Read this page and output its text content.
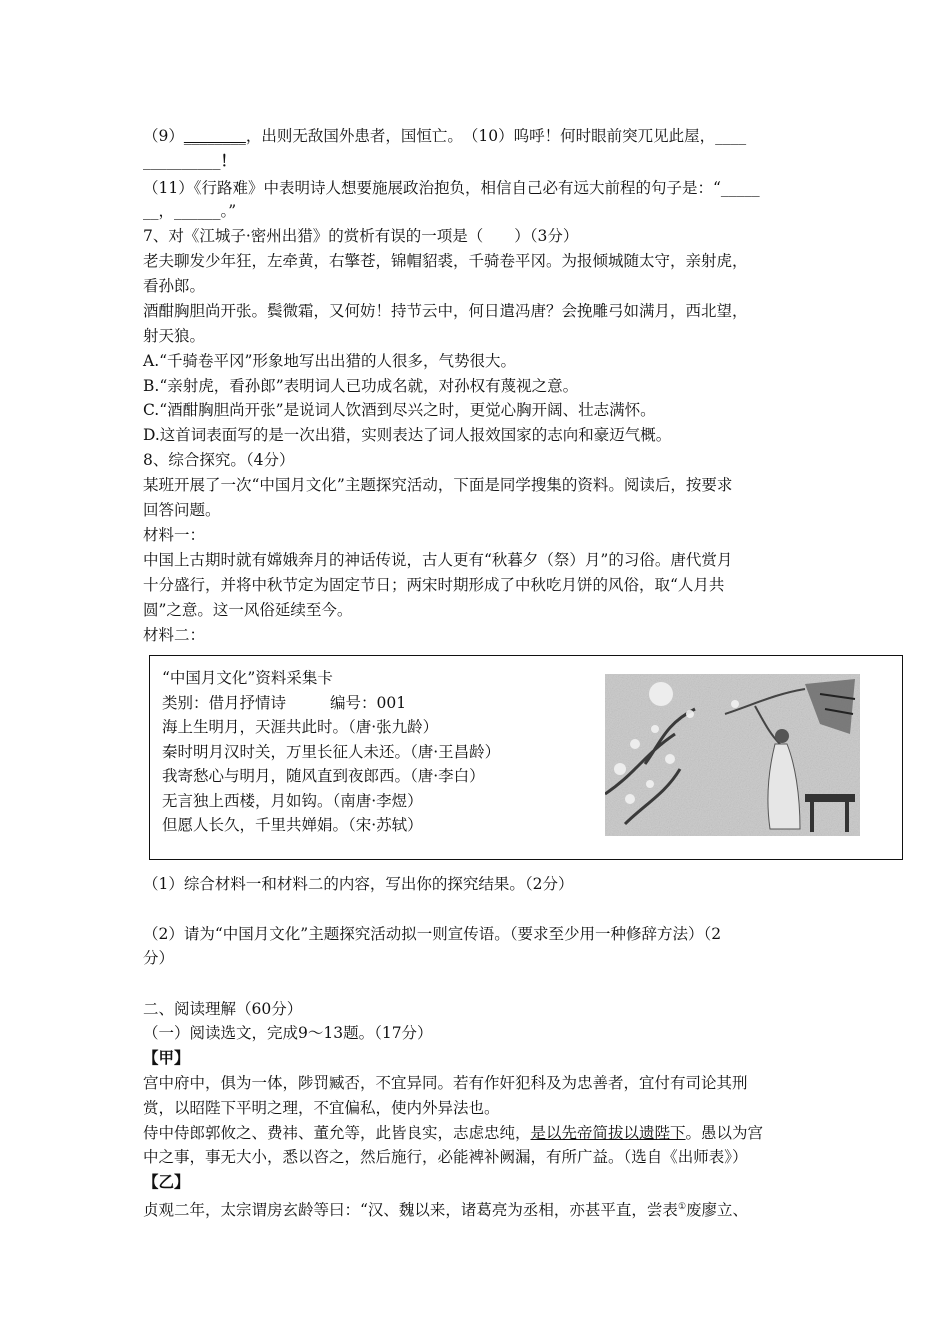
（9）________，出则无敌国外患者，国恒亡。　 （10）呜呼！何时眼前突兀见此屋，____
__________！
（11）《行路难》中表明诗人想要施展政治抱负，相信自己必有远大前程的句子是：“_____
__，______。”
7、对《江城子·密州出猎》的赏析有误的一项是（　　）（3分）
老夫聊发少年狂，左牵黄，右擎苍，锦帽貂裘，千骑卷平冈。为报倾城随太守，亲射虎，
看孙郎。
酒酣胸胆尚开张。鬓微霜，又何妨！持节云中，何日遣冯唐？会挽雕弓如满月，西北望，
射天狼。
A.“千骑卷平冈”形象地写出出猎的人很多，气势很大。
B.“亲射虎，看孙郎”表明词人已功成名就，对孙权有蔑视之意。
C.“酒酣胸胆尚开张”是说词人饮酒到尽兴之时，更觉心胸开阔、壮志满怀。
D.这首词表面写的是一次出猎，实则表达了词人报效国家的志向和豪迈气概。
8、综合探究。（4分）
某班开展了一次“中国月文化”主题探究活动，下面是同学搜集的资料。阅读后，按要求
回答问题。
材料一：
中国上古期时就有嫦娥奔月的神话传说，古人更有“秋暮夕（祭）月”的习俗。唐代赏月
十分盛行，并将中秋节定为固定节日；两宋时期形成了中秋吃月饼的风俗，取“人月共
圆”之意。这一风俗延续至今。
材料二：
“中国月文化”资料采集卡
类别：借月抒情诗	编号：001
海上生明月，天涯共此时。（唐·张九龄）
秦时明月汉时关，万里长征人未还。（唐·王昌龄）
我寄愁心与明月，随风直到夜郎西。（唐·李白）
无言独上西楼，月如钩。（南唐·李煜）
但愿人长久，千里共婵娟。（宋·苏轼）
（1）综合材料一和材料二的内容，写出你的探究结果。（2分）
（2）请为“中国月文化”主题探究活动拟一则宣传语。（要求至少用一种修辞方法）（2
分）
二、阅读理解（60分）
（一）阅读选文，完成9～13题。（17分）
【甲】
宫中府中，俱为一体，陟罚臧否，不宜异同。若有作奸犯科及为忠善者，宜付有司论其刑
赏，以昭陛下平明之理，不宜偏私，使内外异法也。
侍中侍郎郭攸之、费祎、董允等，此皆良实，志虑忠纯，是以先帝简拔以遗陛下。愚以为宫
中之事，事无大小，悉以咨之，然后施行，必能裨补阙漏，有所广益。（选自《出师表》）
【乙】
贞观二年，太宗谓房玄龄等曰：“汉、魏以来，诸葛亮为丞相，亦甚平直，尝表①废廖立、
